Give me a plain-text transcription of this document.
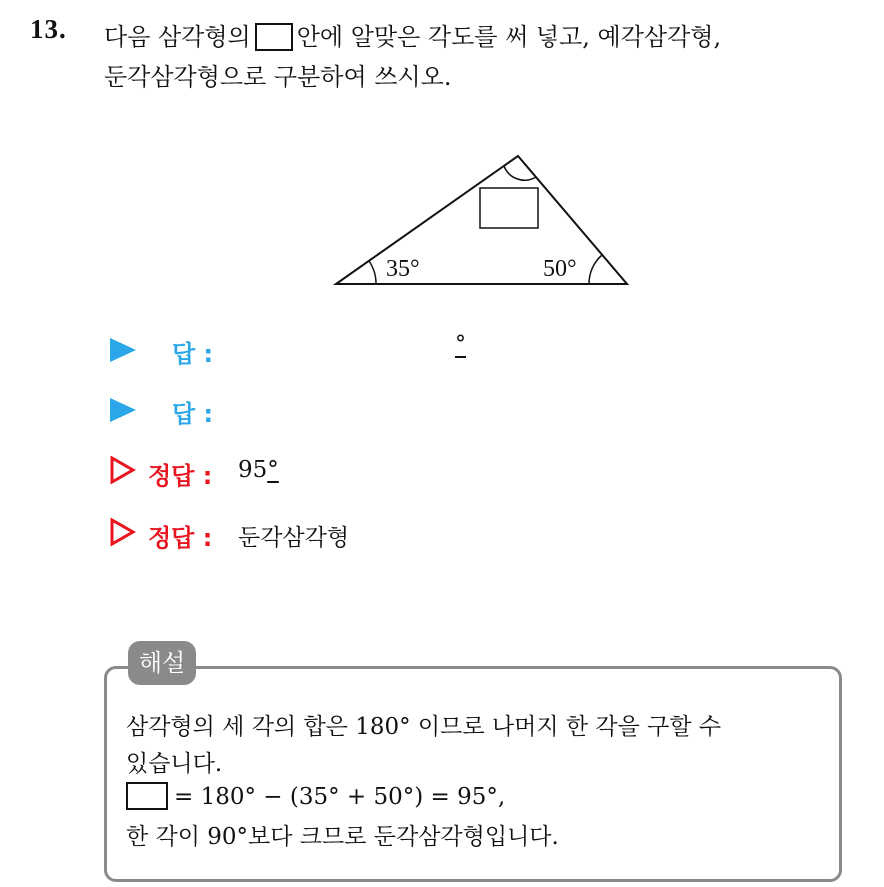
13. 다음 삼각형의 안에 알맞은 각도를 써 넣고, 예각삼각형,
둔각삼각형으로 구분하여 쓰시오.
35°	50°
답 :	°
답 :
정답 : 95°
정답 : 둔각삼각형
해설
삼각형의 세 각의 합은 180° 이므로 나머지 한 각을 구할 수
있습니다.
= 180° − (35° + 50°) = 95°,
한 각이 90°보다 크므로 둔각삼각형입니다.
